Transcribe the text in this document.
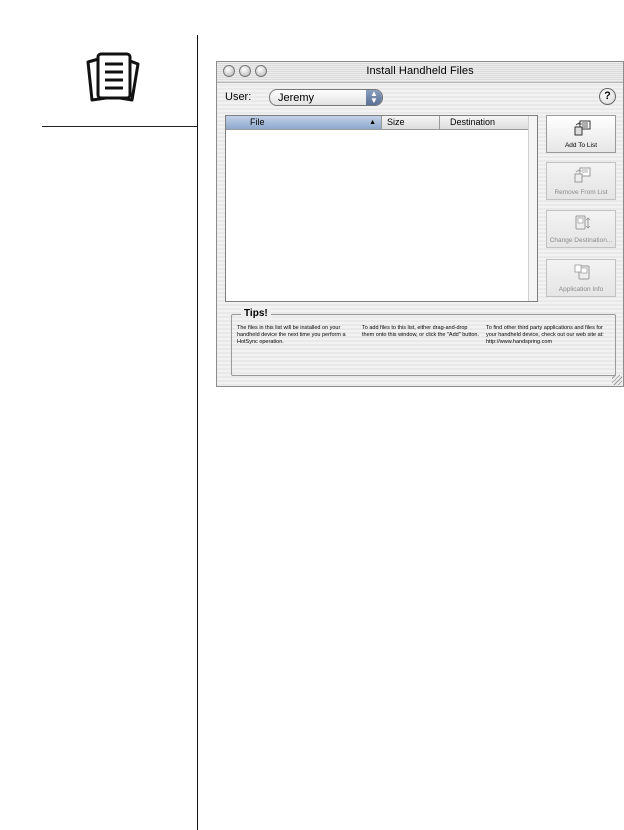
Install Handheld Files
User: Jeremy	▲
▼	?
File	▲	Size	Destination
Add To List
Remove From List
Change Destination...
Application Info
Tips!
The files in this list will be installed on your handheld device the next time you perform a HotSync operation.
To add files to this list, either drag-and-drop them onto this window, or click the "Add" button.
To find other third party applications and files for your handheld device, check out our web site at: http://www.handspring.com
